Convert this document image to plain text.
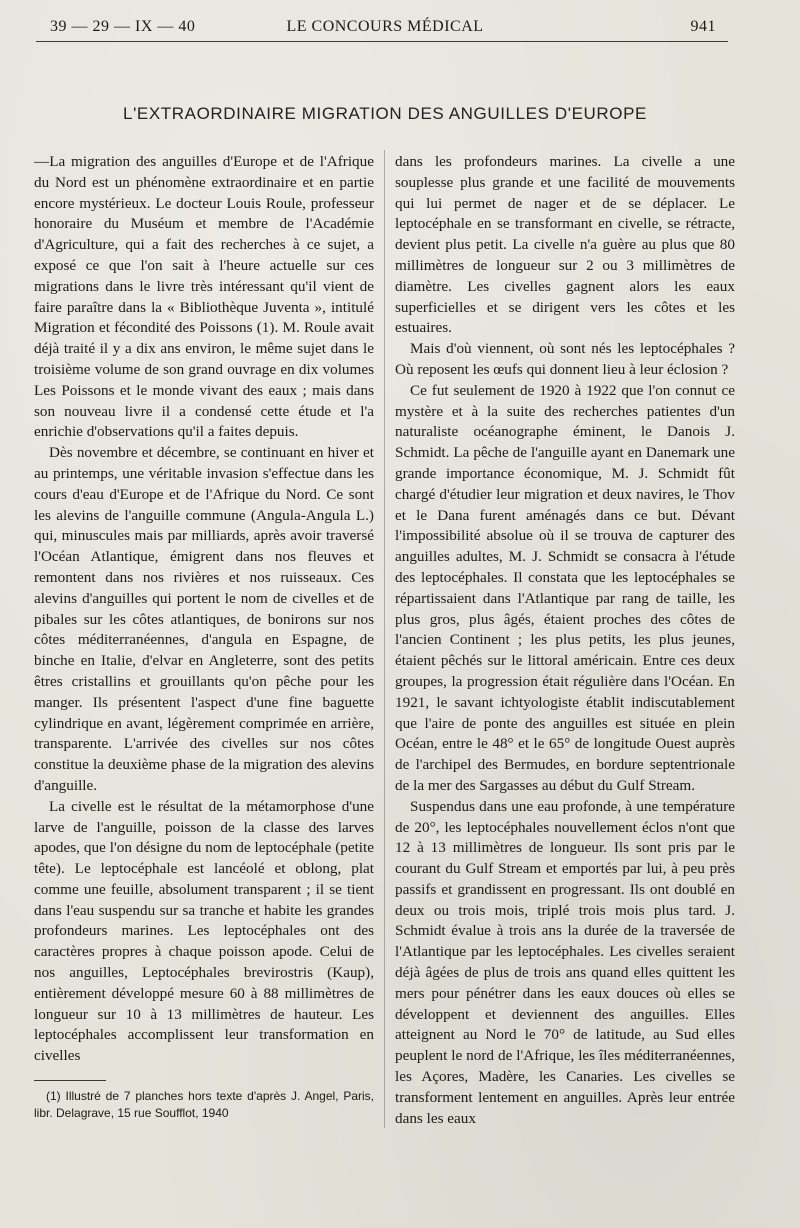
39 — 29 — IX — 40	LE CONCOURS MÉDICAL	941
L'EXTRAORDINAIRE MIGRATION DES ANGUILLES D'EUROPE

—La migration des anguilles d'Europe et de l'Afrique du Nord est un phénomène extraordinaire et en partie encore mystérieux. Le docteur Louis Roule, professeur honoraire du Muséum et membre de l'Académie d'Agriculture, qui a fait des recherches à ce sujet, a exposé ce que l'on sait à l'heure actuelle sur ces migrations dans le livre très intéressant qu'il vient de faire paraître dans la « Bibliothèque Juventa », intitulé Migration et fécondité des Poissons (1). M. Roule avait déjà traité il y a dix ans environ, le même sujet dans le troisième volume de son grand ouvrage en dix volumes Les Poissons et le monde vivant des eaux ; mais dans son nouveau livre il a condensé cette étude et l'a enrichie d'observations qu'il a faites depuis.

Dès novembre et décembre, se continuant en hiver et au printemps, une véritable invasion s'effectue dans les cours d'eau d'Europe et de l'Afrique du Nord. Ce sont les alevins de l'anguille commune (Angula-Angula L.) qui, minuscules mais par milliards, après avoir traversé l'Océan Atlantique, émigrent dans nos fleuves et remontent dans nos rivières et nos ruisseaux. Ces alevins d'anguilles qui portent le nom de civelles et de pibales sur les côtes atlantiques, de bonirons sur nos côtes méditerranéennes, d'angula en Espagne, de binche en Italie, d'elvar en Angleterre, sont des petits êtres cristallins et grouillants qu'on pêche pour les manger. Ils présentent l'aspect d'une fine baguette cylindrique en avant, légèrement comprimée en arrière, transparente. L'arrivée des civelles sur nos côtes constitue la deuxième phase de la migration des alevins d'anguille.

La civelle est le résultat de la métamorphose d'une larve de l'anguille, poisson de la classe des larves apodes, que l'on désigne du nom de leptocéphale (petite tête). Le leptocéphale est lancéolé et oblong, plat comme une feuille, absolument transparent ; il se tient dans l'eau suspendu sur sa tranche et habite les grandes profondeurs marines. Les leptocéphales ont des caractères propres à chaque poisson apode. Celui de nos anguilles, Leptocéphales brevirostris (Kaup), entièrement développé mesure 60 à 88 millimètres de longueur sur 10 à 13 millimètres de hauteur. Les leptocéphales accomplissent leur transformation en civelles

dans les profondeurs marines. La civelle a une souplesse plus grande et une facilité de mouvements qui lui permet de nager et de se déplacer. Le leptocéphale en se transformant en civelle, se rétracte, devient plus petit. La civelle n'a guère au plus que 80 millimètres de longueur sur 2 ou 3 millimètres de diamètre. Les civelles gagnent alors les eaux superficielles et se dirigent vers les côtes et les estuaires.

Mais d'où viennent, où sont nés les leptocéphales ? Où reposent les œufs qui donnent lieu à leur éclosion ?

Ce fut seulement de 1920 à 1922 que l'on connut ce mystère et à la suite des recherches patientes d'un naturaliste océanographe éminent, le Danois J. Schmidt. La pêche de l'anguille ayant en Danemark une grande importance économique, M. J. Schmidt fût chargé d'étudier leur migration et deux navires, le Thov et le Dana furent aménagés dans ce but. Dévant l'impossibilité absolue où il se trouva de capturer des anguilles adultes, M. J. Schmidt se consacra à l'étude des leptocéphales. Il constata que les leptocéphales se répartissaient dans l'Atlantique par rang de taille, les plus gros, plus âgés, étaient proches des côtes de l'ancien Continent ; les plus petits, les plus jeunes, étaient pêchés sur le littoral américain. Entre ces deux groupes, la progression était régulière dans l'Océan. En 1921, le savant ichtyologiste établit indiscutablement que l'aire de ponte des anguilles est située en plein Océan, entre le 48° et le 65° de longitude Ouest auprès de l'archipel des Bermudes, en bordure septentrionale de la mer des Sargasses au début du Gulf Stream.

Suspendus dans une eau profonde, à une température de 20°, les leptocéphales nouvellement éclos n'ont que 12 à 13 millimètres de longueur. Ils sont pris par le courant du Gulf Stream et emportés par lui, à peu près passifs et grandissent en progressant. Ils ont doublé en deux ou trois mois, triplé trois mois plus tard. J. Schmidt évalue à trois ans la durée de la traversée de l'Atlantique par les leptocéphales. Les civelles seraient déjà âgées de plus de trois ans quand elles quittent les mers pour pénétrer dans les eaux douces où elles se développent et deviennent des anguilles. Elles atteignent au Nord le 70° de latitude, au Sud elles peuplent le nord de l'Afrique, les îles méditerranéennes, les Açores, Madère, les Canaries. Les civelles se transforment lentement en anguilles. Après leur entrée dans les eaux

(1) Illustré de 7 planches hors texte d'après J. Angel, Paris, libr. Delagrave, 15 rue Soufflot, 1940
